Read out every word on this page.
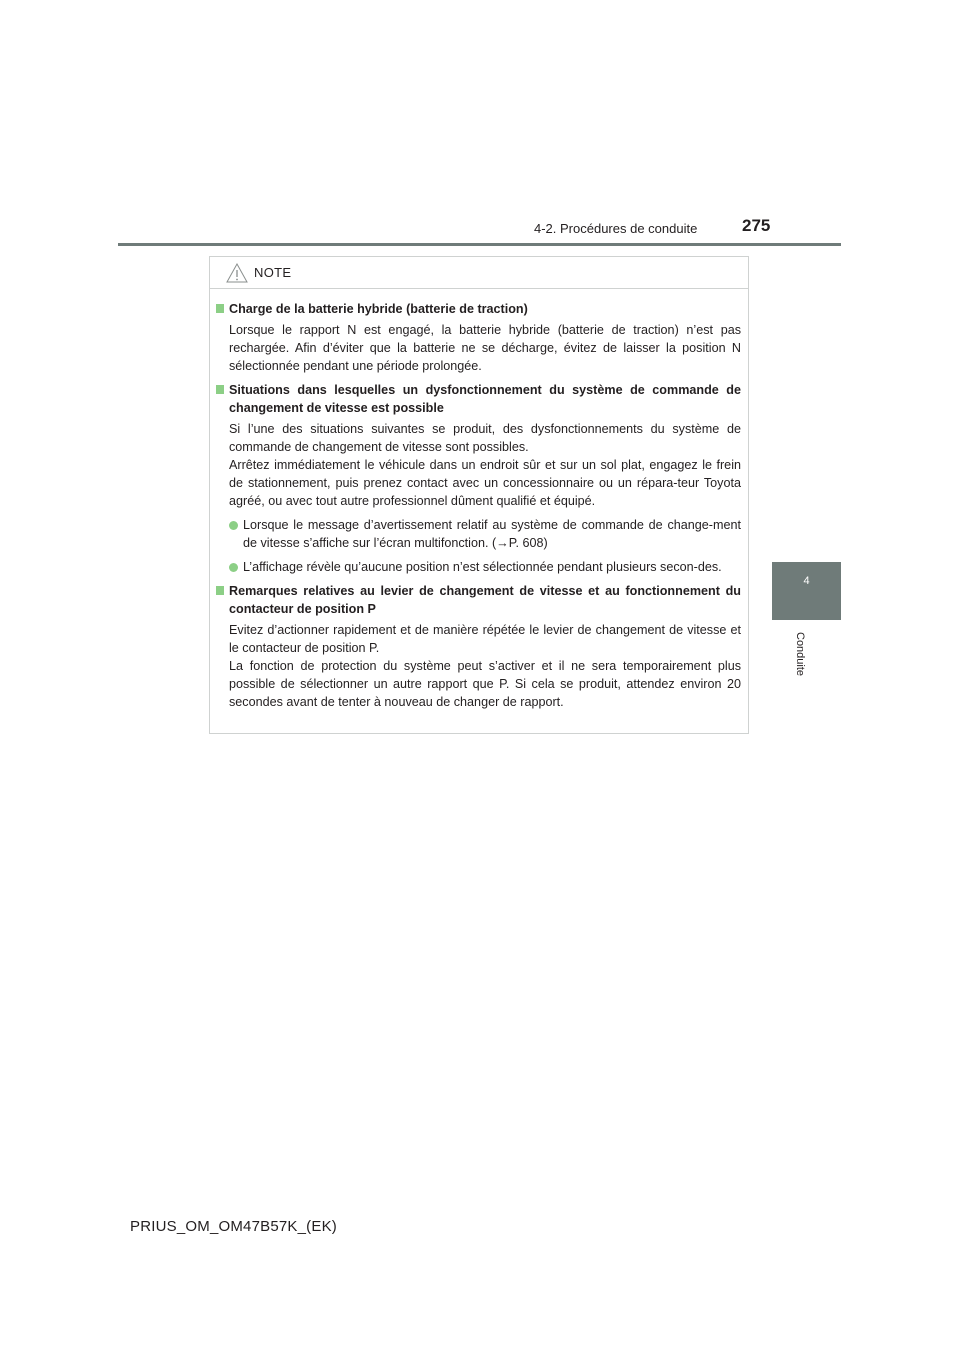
4-2. Procédures de conduite	275
4
Conduite
NOTE
Charge de la batterie hybride (batterie de traction)
Lorsque le rapport N est engagé, la batterie hybride (batterie de traction) n’est pas rechargée. Afin d’éviter que la batterie ne se décharge, évitez de laisser la position N sélectionnée pendant une période prolongée.
Situations dans lesquelles un dysfonctionnement du système de commande de changement de vitesse est possible
Si l’une des situations suivantes se produit, des dysfonctionnements du système de commande de changement de vitesse sont possibles.
Arrêtez immédiatement le véhicule dans un endroit sûr et sur un sol plat, engagez le frein de stationnement, puis prenez contact avec un concessionnaire ou un répara-teur Toyota agréé, ou avec tout autre professionnel dûment qualifié et équipé.
Lorsque le message d’avertissement relatif au système de commande de change-ment de vitesse s’affiche sur l’écran multifonction. (→P. 608)
L’affichage révèle qu’aucune position n’est sélectionnée pendant plusieurs secon-des.
Remarques relatives au levier de changement de vitesse et au fonctionnement du contacteur de position P
Evitez d’actionner rapidement et de manière répétée le levier de changement de vitesse et le contacteur de position P.
La fonction de protection du système peut s’activer et il ne sera temporairement plus possible de sélectionner un autre rapport que P. Si cela se produit, attendez environ 20 secondes avant de tenter à nouveau de changer de rapport.
PRIUS_OM_OM47B57K_(EK)
